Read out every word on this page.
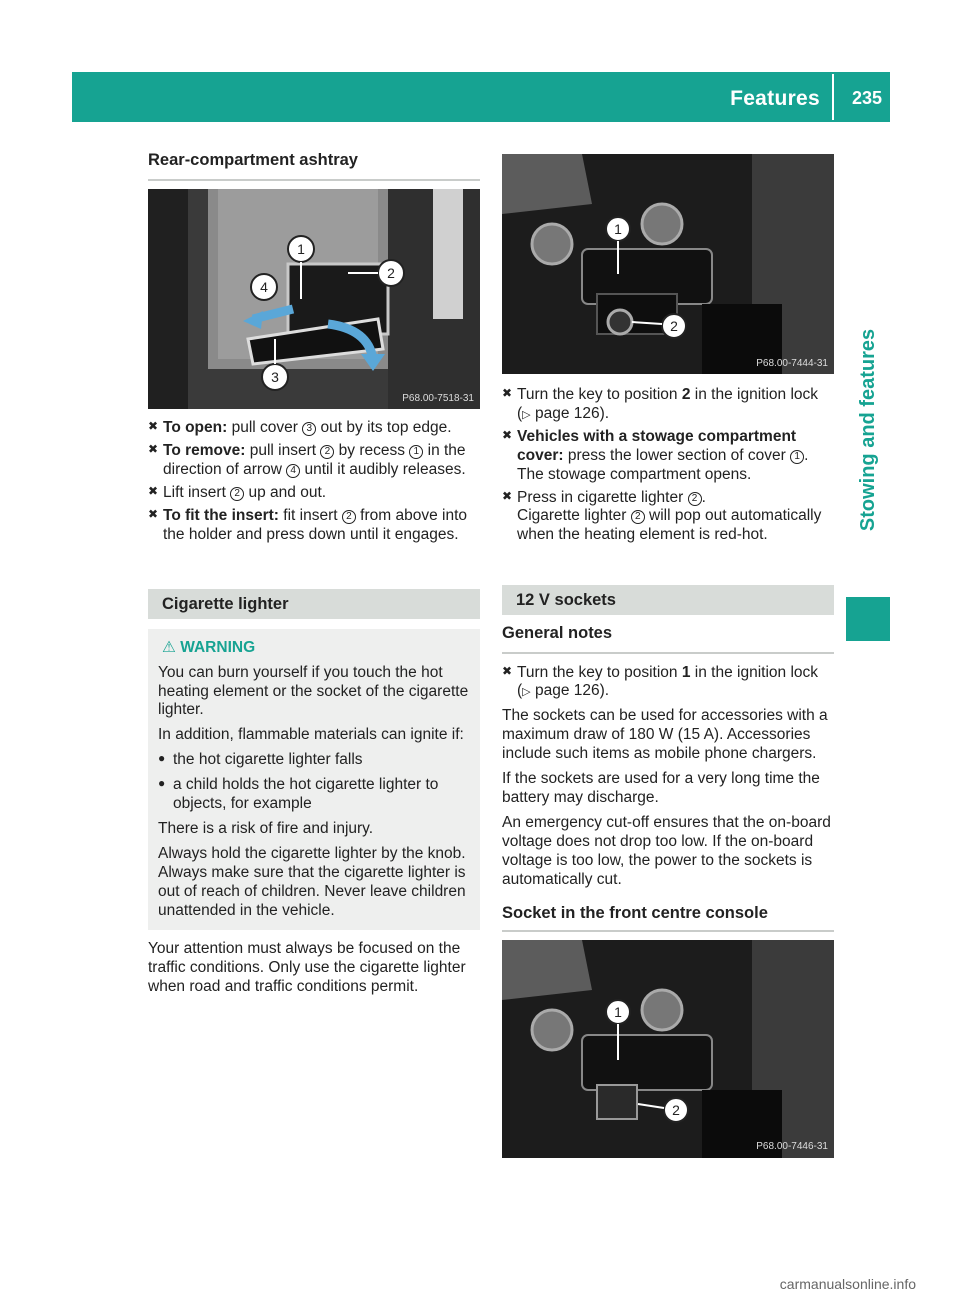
Features 235
Stowing and features
Rear-compartment ashtray
1
2
4
3
P68.00-7518-31
✖ To open: pull cover 3 out by its top edge.
✖ To remove: pull insert 2 by recess 1 in the direction of arrow 4 until it audibly releases.
✖ Lift insert 2 up and out.
✖ To fit the insert: fit insert 2 from above into the holder and press down until it engages.
Cigarette lighter
⚠ WARNING

You can burn yourself if you touch the hot heating element or the socket of the cigarette lighter.

In addition, flammable materials can ignite if:

● the hot cigarette lighter falls
● a child holds the hot cigarette lighter to objects, for example

There is a risk of fire and injury.

Always hold the cigarette lighter by the knob. Always make sure that the cigarette lighter is out of reach of children. Never leave children unattended in the vehicle.

Your attention must always be focused on the traffic conditions. Only use the cigarette lighter when road and traffic conditions permit.
1
2
P68.00-7444-31
✖ Turn the key to position 2 in the ignition lock (▷ page 126).
✖ Vehicles with a stowage compartment cover: press the lower section of cover 1 . The stowage compartment opens.
✖ Press in cigarette lighter 2 .
Cigarette lighter 2 will pop out automatically when the heating element is red-hot.
12 V sockets
General notes
✖ Turn the key to position 1 in the ignition lock (▷ page 126).
The sockets can be used for accessories with a maximum draw of 180 W (15 A). Accessories include such items as mobile phone chargers.
If the sockets are used for a very long time the battery may discharge.
An emergency cut-off ensures that the on-board voltage does not drop too low. If the on-board voltage is too low, the power to the sockets is automatically cut.
Socket in the front centre console
1
2
P68.00-7446-31
carmanualsonline.info
